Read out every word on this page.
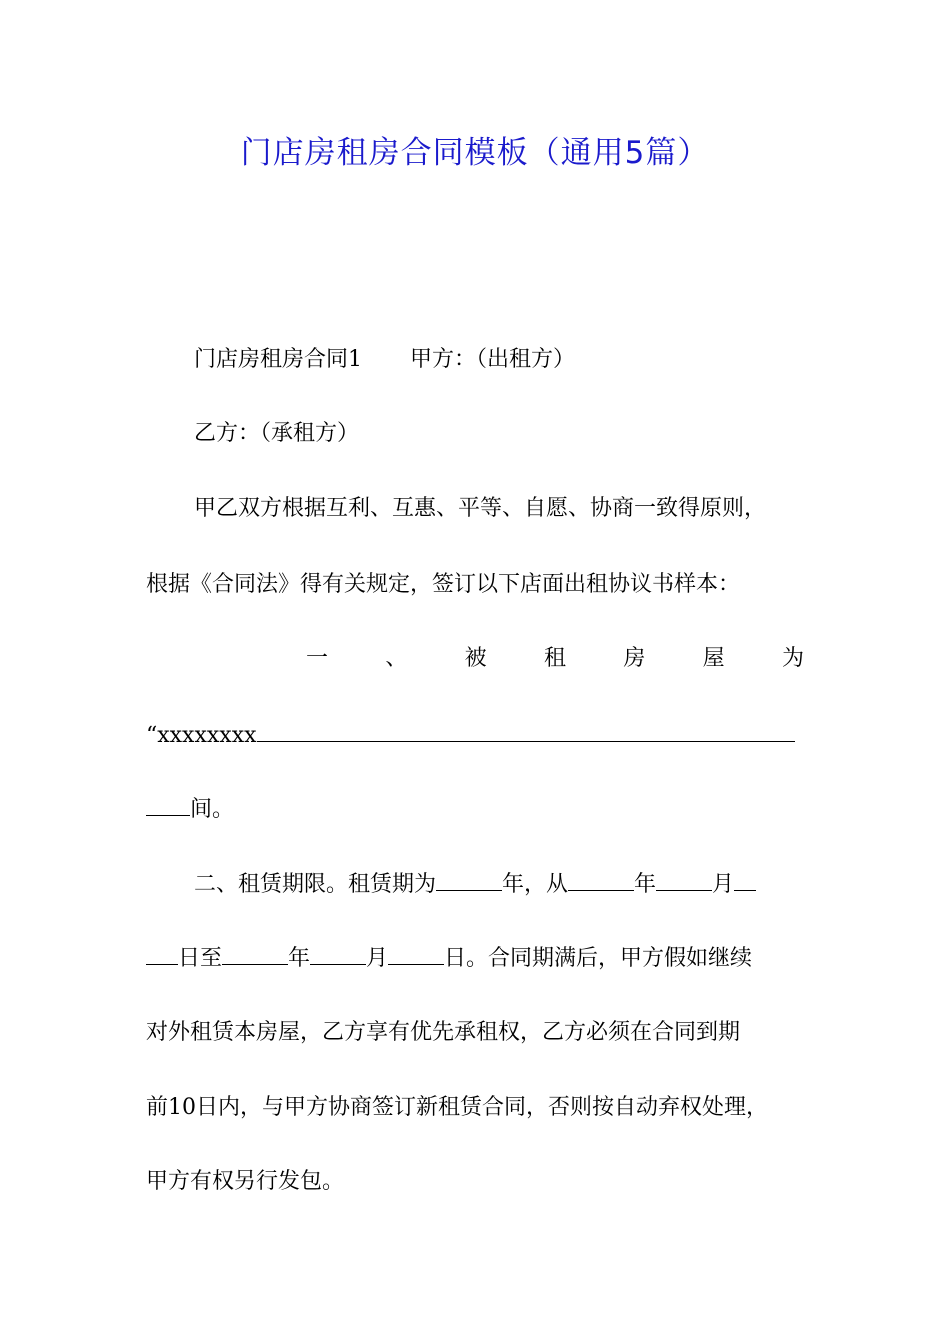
门店房租房合同模板（通用5篇）
门店房租房合同1 甲方：（出租方）
乙方：（承租方）
甲乙双方根据互利、互惠、平等、自愿、协商一致得原则，
根据《合同法》得有关规定，签订以下店面出租协议书样本：
一	、	被	租	房	屋	为
“xxxxxxxx
间。
二、租赁期限。租赁期为	年，从	年	月
日至	年	月	日。合同期满后，甲方假如继续
对外租赁本房屋，乙方享有优先承租权，乙方必须在合同到期
前10日内，与甲方协商签订新租赁合同，否则按自动弃权处理，
甲方有权另行发包。
